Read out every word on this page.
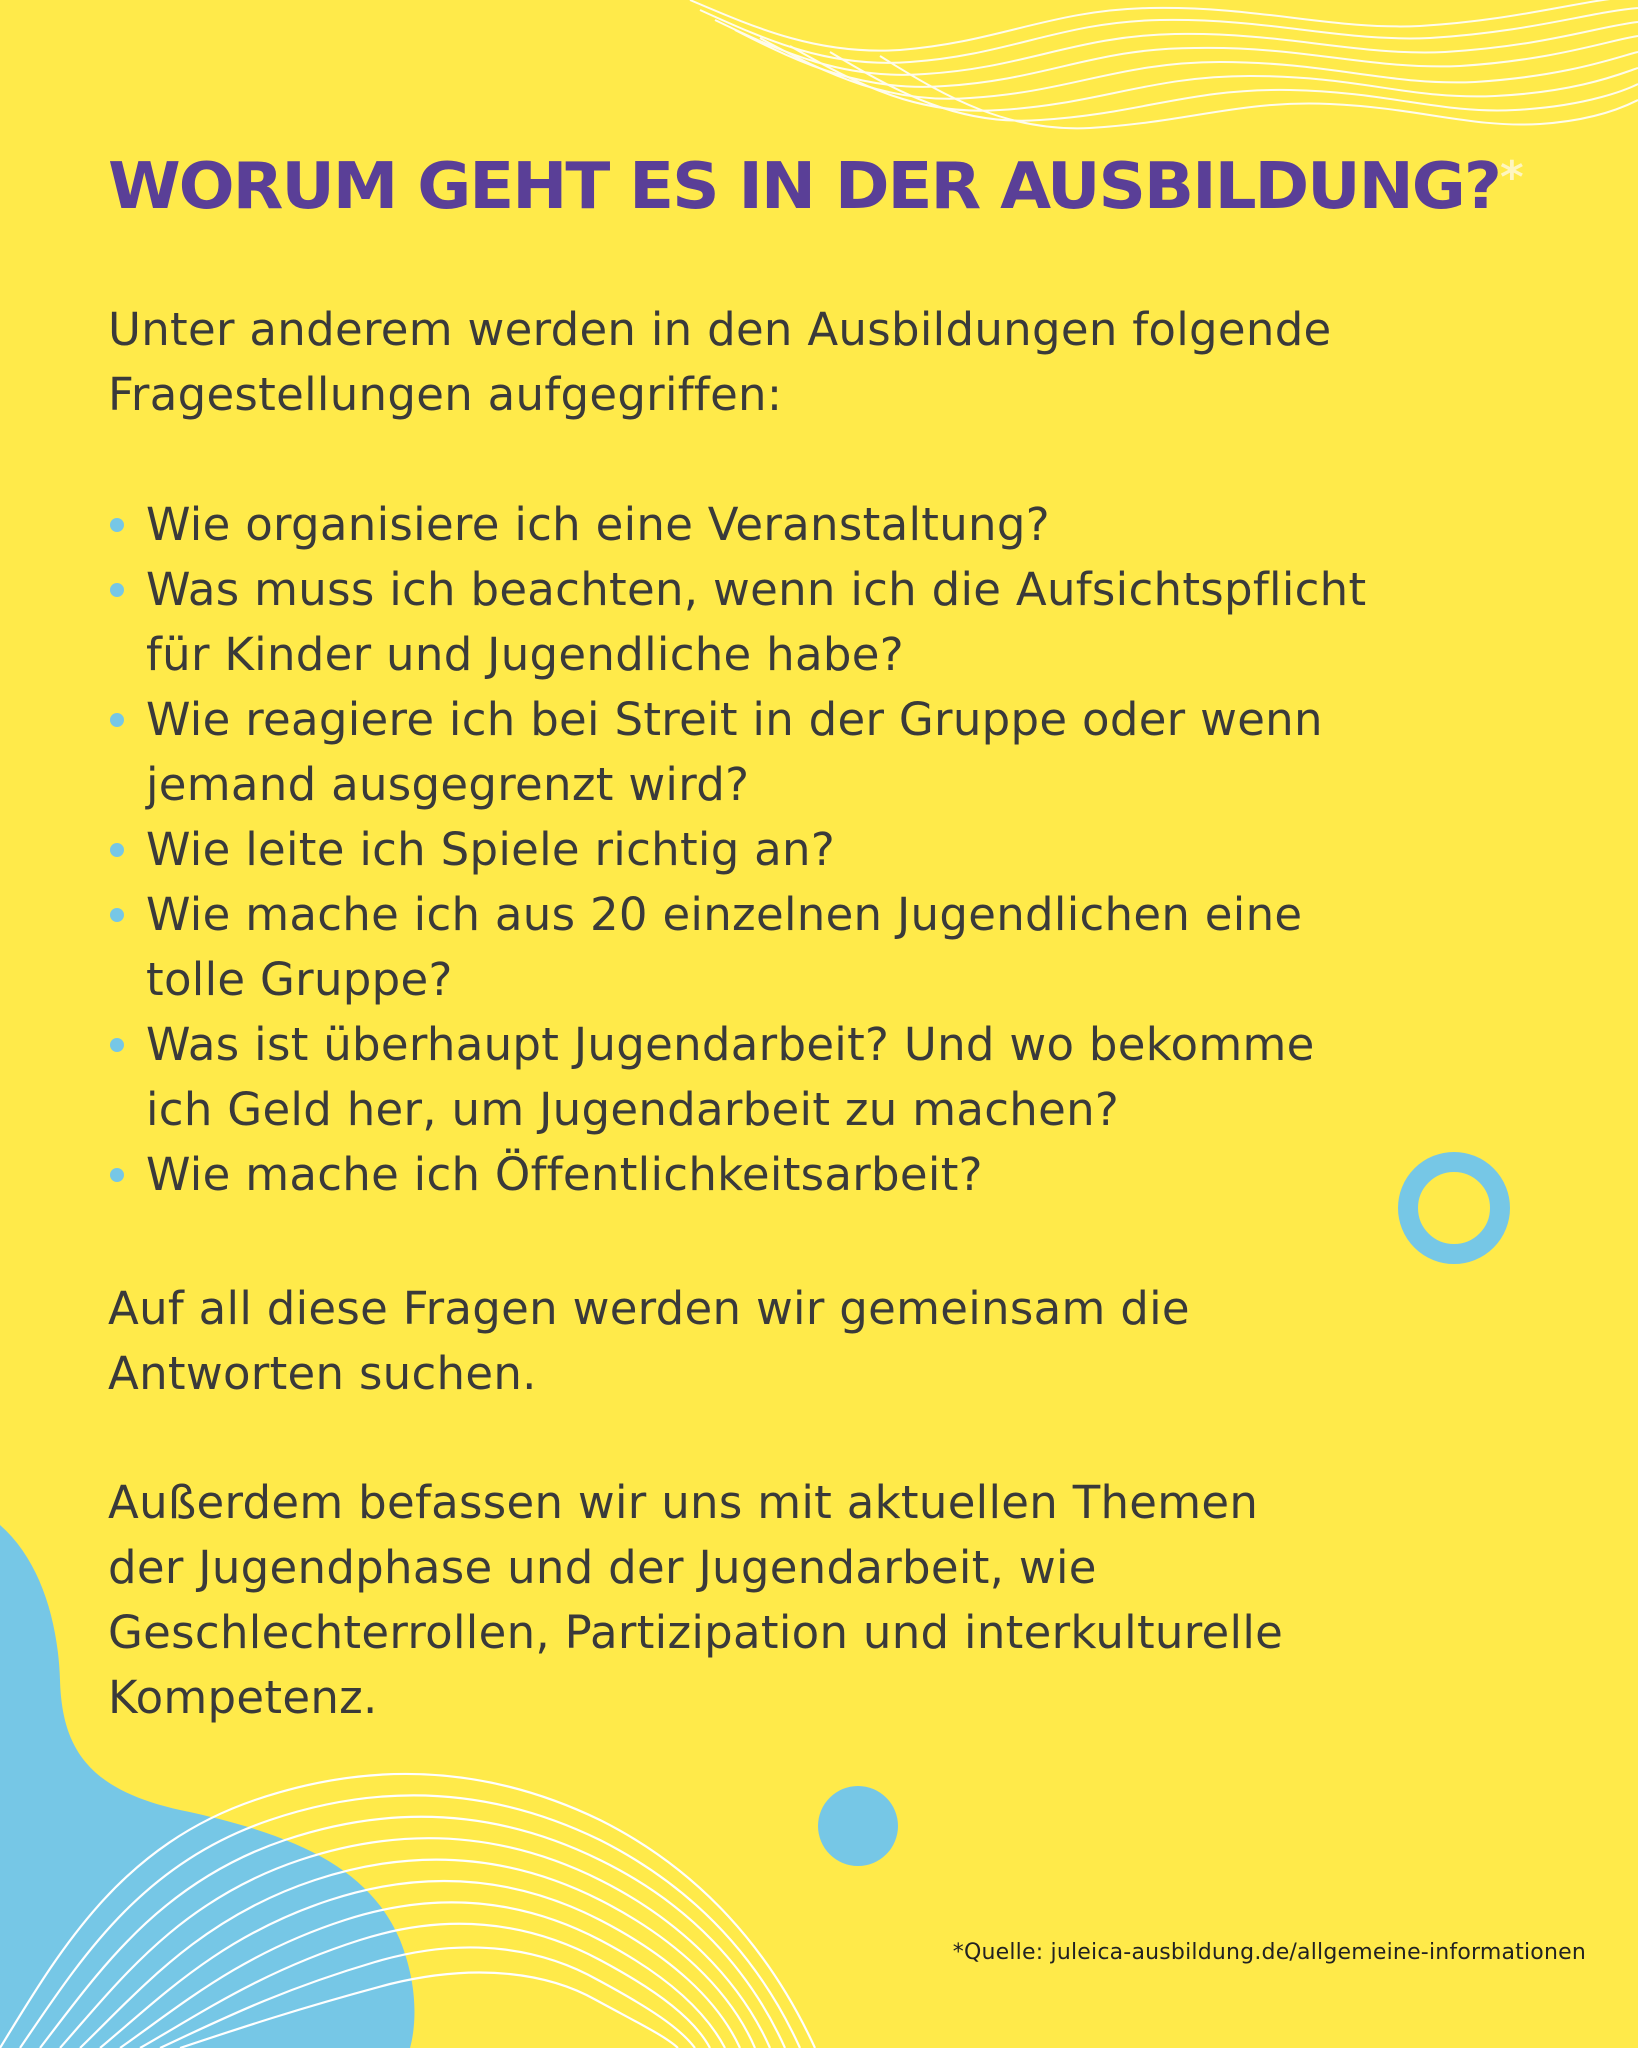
WORUM GEHT ES IN DER AUSBILDUNG?*

Unter anderem werden in den Ausbildungen folgende
Fragestellungen aufgegriffen:

Wie organisiere ich eine Veranstaltung?
Was muss ich beachten, wenn ich die Aufsichtspflicht
für Kinder und Jugendliche habe?
Wie reagiere ich bei Streit in der Gruppe oder wenn
jemand ausgegrenzt wird?
Wie leite ich Spiele richtig an?
Wie mache ich aus 20 einzelnen Jugendlichen eine
tolle Gruppe?
Was ist überhaupt Jugendarbeit? Und wo bekomme
ich Geld her, um Jugendarbeit zu machen?
Wie mache ich Öffentlichkeitsarbeit?

Auf all diese Fragen werden wir gemeinsam die
Antworten suchen.

Außerdem befassen wir uns mit aktuellen Themen
der Jugendphase und der Jugendarbeit, wie
Geschlechterrollen, Partizipation und interkulturelle
Kompetenz.

*Quelle: juleica-ausbildung.de/allgemeine-informationen
